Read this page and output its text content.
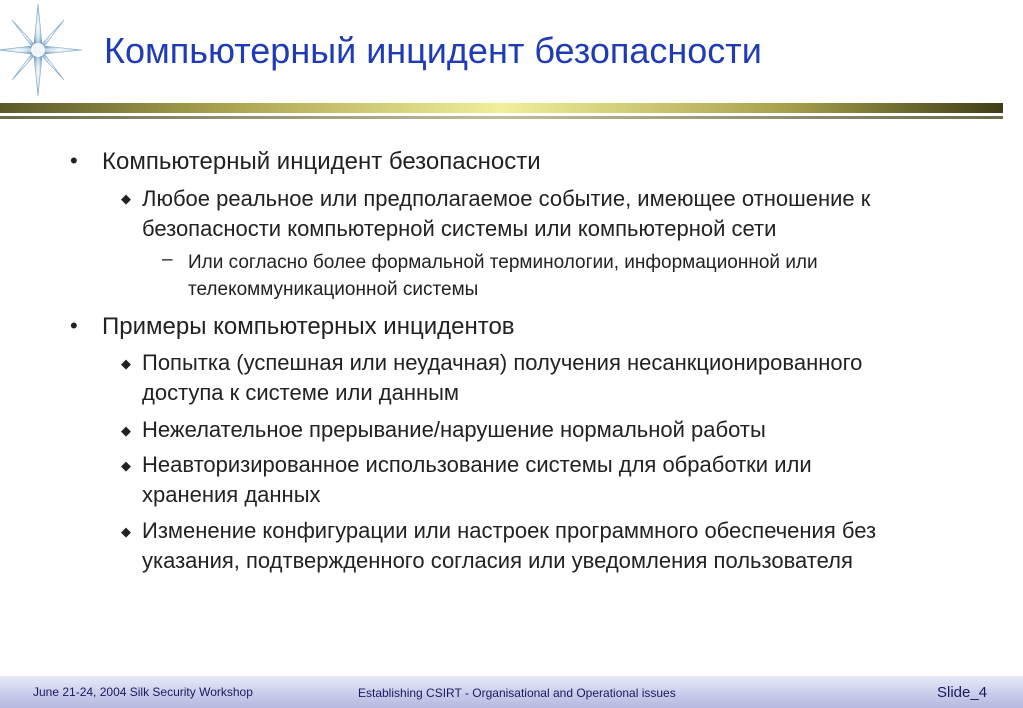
Компьютерный инцидент безопасности
• Компьютерный инцидент безопасности
◆ Любое реальное или предполагаемое событие, имеющее отношение к
безопасности компьютерной системы или компьютерной сети
– Или согласно более формальной терминологии, информационной или
телекоммуникационной системы
• Примеры компьютерных инцидентов
◆ Попытка (успешная или неудачная) получения несанкционированного
доступа к системе или данным
◆ Нежелательное прерывание/нарушение нормальной работы
◆ Неавторизированное использование системы для обработки или
хранения данных
◆ Изменение конфигурации или настроек программного обеспечения без
указания, подтвержденного согласия или уведомления пользователя
June 21-24, 2004 Silk Security Workshop	Establishing CSIRT - Organisational and Operational issues	Slide_4
